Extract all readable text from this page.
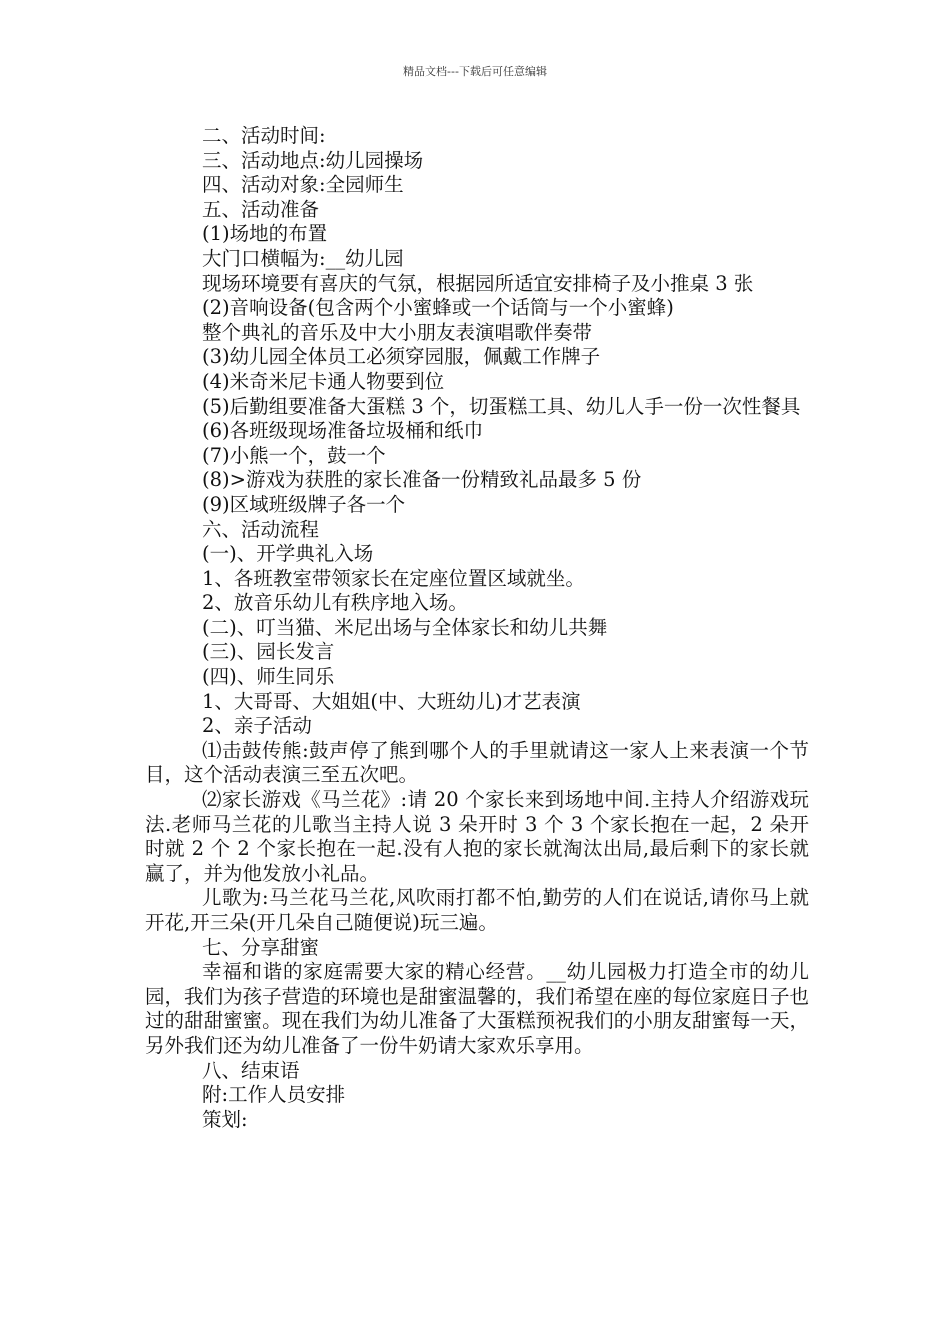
精品文档---下载后可任意编辑

二、活动时间:

三、活动地点:幼儿园操场

四、活动对象:全园师生

五、活动准备

(1)场地的布置

大门口横幅为:__幼儿园

现场环境要有喜庆的气氛，根据园所适宜安排椅子及小推桌 3 张

(2)音响设备(包含两个小蜜蜂或一个话筒与一个小蜜蜂)

整个典礼的音乐及中大小朋友表演唱歌伴奏带

(3)幼儿园全体员工必须穿园服，佩戴工作牌子

(4)米奇米尼卡通人物要到位

(5)后勤组要准备大蛋糕 3 个，切蛋糕工具、幼儿人手一份一次性餐具

(6)各班级现场准备垃圾桶和纸巾

(7)小熊一个，鼓一个

(8)>游戏为获胜的家长准备一份精致礼品最多 5 份

(9)区域班级牌子各一个

六、活动流程

(一)、开学典礼入场

1、各班教室带领家长在定座位置区域就坐。

2、放音乐幼儿有秩序地入场。

(二)、叮当猫、米尼出场与全体家长和幼儿共舞

(三)、园长发言

(四)、师生同乐

1、大哥哥、大姐姐(中、大班幼儿)才艺表演

2、亲子活动

⑴击鼓传熊:鼓声停了熊到哪个人的手里就请这一家人上来表演一个节目，这个活动表演三至五次吧。

⑵家长游戏《马兰花》:请 20 个家长来到场地中间.主持人介绍游戏玩法.老师马兰花的儿歌当主持人说 3 朵开时 3 个 3 个家长抱在一起，2 朵开时就 2 个 2 个家长抱在一起.没有人抱的家长就淘汰出局,最后剩下的家长就赢了，并为他发放小礼品。

儿歌为:马兰花马兰花,风吹雨打都不怕,勤劳的人们在说话,请你马上就开花,开三朵(开几朵自己随便说)玩三遍。

七、分享甜蜜

幸福和谐的家庭需要大家的精心经营。__幼儿园极力打造全市的幼儿园，我们为孩子营造的环境也是甜蜜温馨的，我们希望在座的每位家庭日子也过的甜甜蜜蜜。现在我们为幼儿准备了大蛋糕预祝我们的小朋友甜蜜每一天，另外我们还为幼儿准备了一份牛奶请大家欢乐享用。

八、结束语

附:工作人员安排

策划:
